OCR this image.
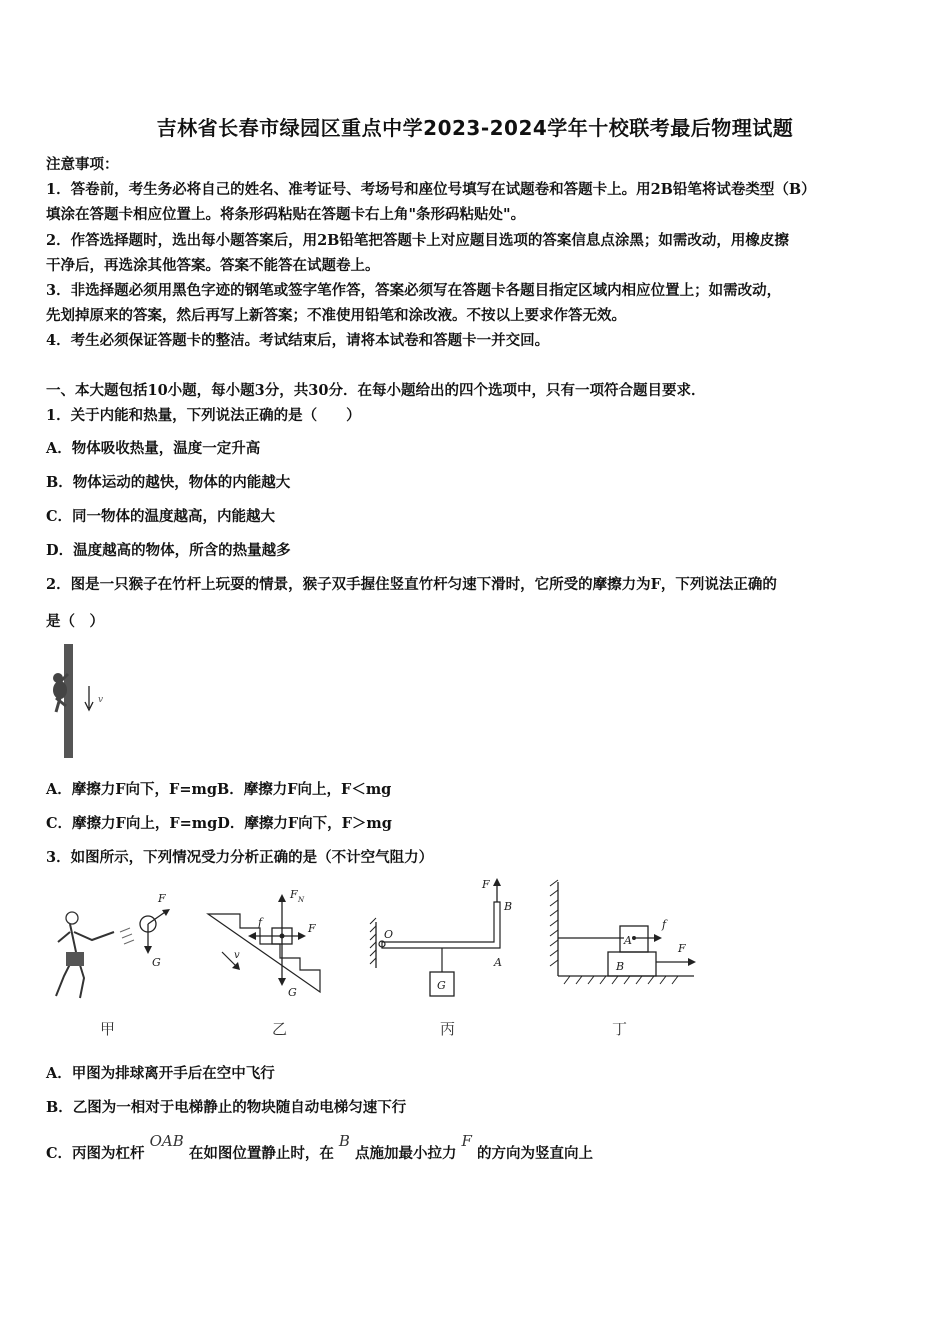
吉林省长春市绿园区重点中学2023-2024学年十校联考最后物理试题
注意事项：
1．答卷前，考生务必将自己的姓名、准考证号、考场号和座位号填写在试题卷和答题卡上。用2B铅笔将试卷类型（B）
填涂在答题卡相应位置上。将条形码粘贴在答题卡右上角"条形码粘贴处"。
2．作答选择题时，选出每小题答案后，用2B铅笔把答题卡上对应题目选项的答案信息点涂黑；如需改动，用橡皮擦
干净后，再选涂其他答案。答案不能答在试题卷上。
3．非选择题必须用黑色字迹的钢笔或签字笔作答，答案必须写在答题卡各题目指定区域内相应位置上；如需改动，
先划掉原来的答案，然后再写上新答案；不准使用铅笔和涂改液。不按以上要求作答无效。
4．考生必须保证答题卡的整洁。考试结束后，请将本试卷和答题卡一并交回。
一、本大题包括10小题，每小题3分，共30分．在每小题给出的四个选项中，只有一项符合题目要求．
1．关于内能和热量，下列说法正确的是（　　）
A．物体吸收热量，温度一定升高
B．物体运动的越快，物体的内能越大
C．同一物体的温度越高，内能越大
D．温度越高的物体，所含的热量越多
2．图是一只猴子在竹杆上玩耍的情景，猴子双手握住竖直竹杆匀速下滑时，它所受的摩擦力为F，下列说法正确的
是（　）
v
A．摩擦力F向下，F=mgB．摩擦力F向上，F＜mg
C．摩擦力F向上，F=mgD．摩擦力F向下，F＞mg
3．如图所示，下列情况受力分析正确的是（不计空气阻力）
F
G
甲
F N
f	F
G
v
乙
O
F
B
A
G
丙
B
A
f
F
丁
A．甲图为排球离开手后在空中飞行
B．乙图为一相对于电梯静止的物块随自动电梯匀速下行
C．丙图为杠杆 OAB 在如图位置静止时，在 B 点施加最小拉力 F 的方向为竖直向上
